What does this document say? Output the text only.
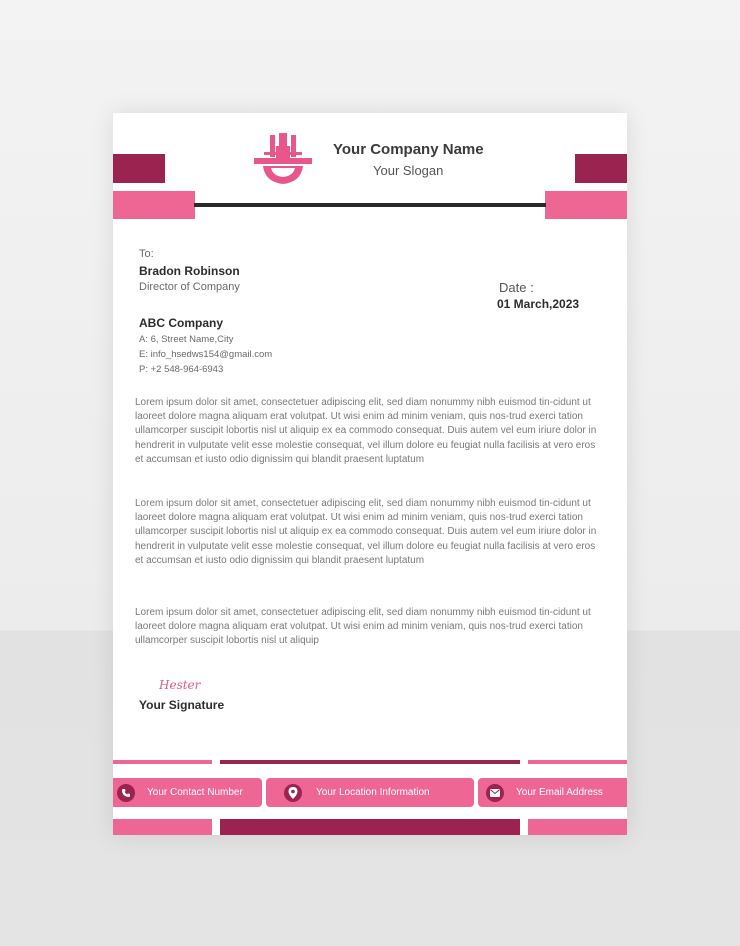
Your Company Name
Your Slogan
To:
Bradon Robinson
Director of Company	Date :
01 March,2023
ABC Company
A: 6, Street Name,City
E: info_hsedws154@gmail.com
P: +2 548-964-6943

Lorem ipsum dolor sit amet, consectetuer adipiscing elit, sed diam nonummy nibh euismod tin-cidunt ut laoreet dolore magna aliquam erat volutpat. Ut wisi enim ad minim veniam, quis nos-trud exerci tation ullamcorper suscipit lobortis nisl ut aliquip ex ea commodo consequat. Duis autem vel eum iriure dolor in hendrerit in vulputate velit esse molestie consequat, vel illum dolore eu feugiat nulla facilisis at vero eros et accumsan et iusto odio dignissim qui blandit praesent luptatum

Lorem ipsum dolor sit amet, consectetuer adipiscing elit, sed diam nonummy nibh euismod tin-cidunt ut laoreet dolore magna aliquam erat volutpat. Ut wisi enim ad minim veniam, quis nos-trud exerci tation ullamcorper suscipit lobortis nisl ut aliquip ex ea commodo consequat. Duis autem vel eum iriure dolor in hendrerit in vulputate velit esse molestie consequat, vel illum dolore eu feugiat nulla facilisis at vero eros et accumsan et iusto odio dignissim qui blandit praesent luptatum

Lorem ipsum dolor sit amet, consectetuer adipiscing elit, sed diam nonummy nibh euismod tin-cidunt ut laoreet dolore magna aliquam erat volutpat. Ut wisi enim ad minim veniam, quis nos-trud exerci tation ullamcorper suscipit lobortis nisl ut aliquip

Hester
Your Signature
Your Contact Number	Your Location Information	Your Email Address
